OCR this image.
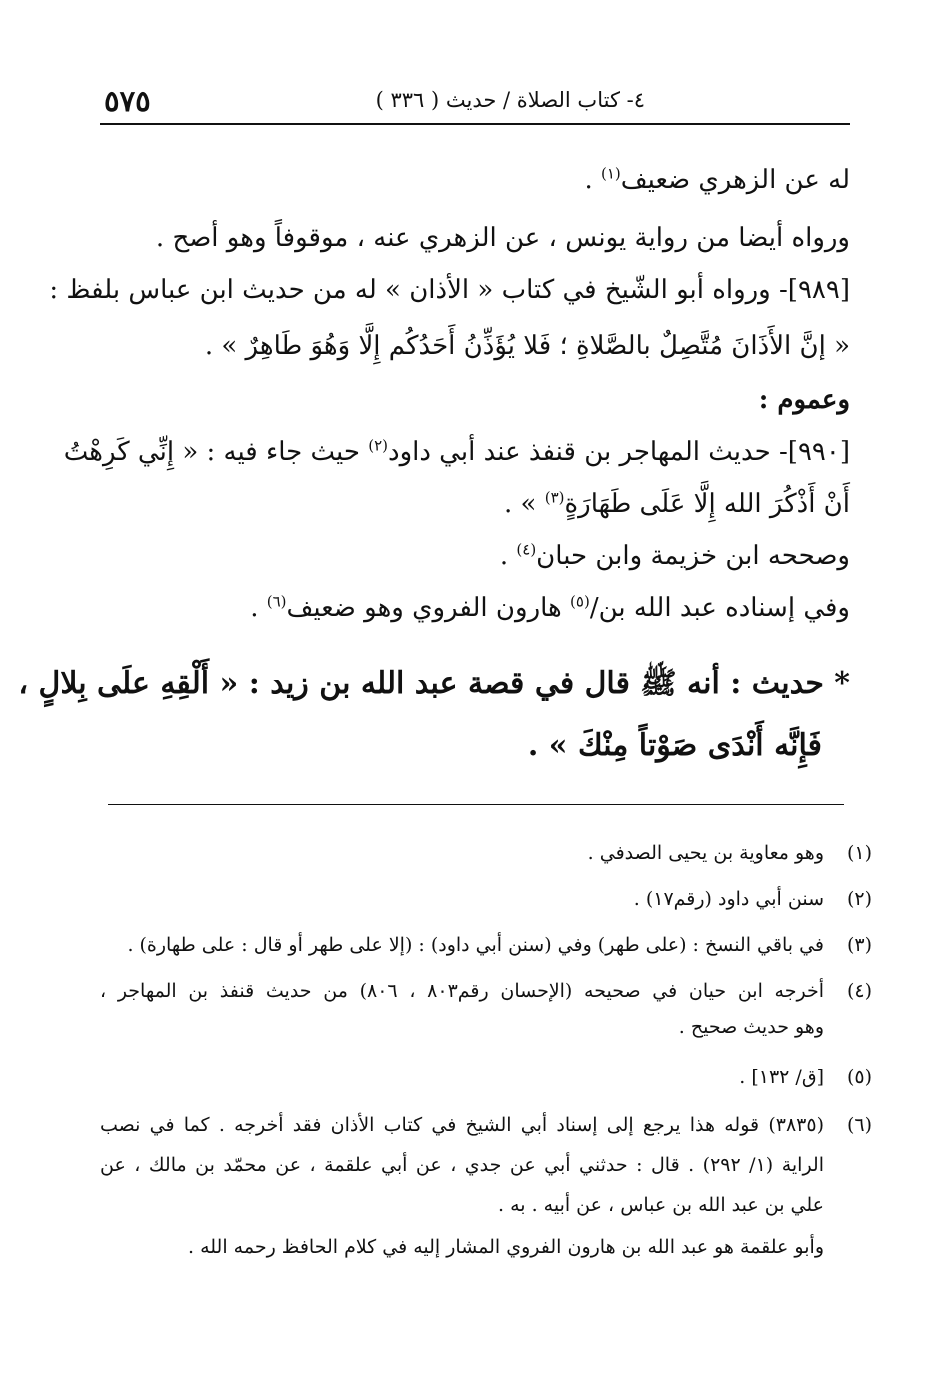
٤- كتاب الصلاة / حديث ( ٣٣٦ )
٥٧٥
له عن الزهري ضعيف$^{(١)}$ .
ورواه أيضا من رواية يونس ، عن الزهري عنه ، موقوفاً وهو أصح .
[٩٨٩]- ورواه أبو الشّيخ في كتاب « الأذان » له من حديث ابن عباس بلفظ :
« إنَّ الأَذَانَ مُتَّصِلٌ بالصَّلاةِ ؛ فَلا يُؤَذِّنُ أَحَدُكُم إِلَّا وَهُوَ طَاهِرٌ » .
وعموم :
[٩٩٠]- حديث المهاجر بن قنفذ عند أبي داود$^{(٢)}$ حيث جاء فيه : « إِنِّي كَرِهْتُ
أَنْ أَذْكُرَ الله إِلَّا عَلَى طَهَارَةٍ$^{(٣)}$ » .
وصححه ابن خزيمة وابن حبان$^{(٤)}$ .
وفي إسناده عبد الله بن/$^{(٥)}$ هارون الفروي وهو ضعيف$^{(٦)}$ .
* حديث : أنه ﷺ قال في قصة عبد الله بن زيد : « أَلْقِهِ علَى بِلالٍ ،
فَإِنَّه أَنْدَى صَوْتاً مِنْكَ » .
(١)
وهو معاوية بن يحيى الصدفي .
(٢)
سنن أبي داود (رقم١٧) .
(٣)
في باقي النسخ : (على طهر) وفي (سنن أبي داود) : (إلا على طهر أو قال : على طهارة) .
(٤)
أخرجه ابن حيان في صحيحه (الإحسان رقم٨٠٣ ، ٨٠٦) من حديث قنفذ بن المهاجر ،
وهو حديث صحيح .
(٥)
[ق/ ١٣٢] .
(٦)
(٣٨٣٥) قوله هذا يرجع إلى إسناد أبي الشيخ في كتاب الأذان فقد أخرجه . كما في نصب
الراية (١/ ٢٩٢) . قال : حدثني أبي عن جدي ، عن أبي علقمة ، عن محمّد بن مالك ، عن
علي بن عبد الله بن عباس ، عن أبيه . به .
وأبو علقمة هو عبد الله بن هارون الفروي المشار إليه في كلام الحافظ رحمه الله .
